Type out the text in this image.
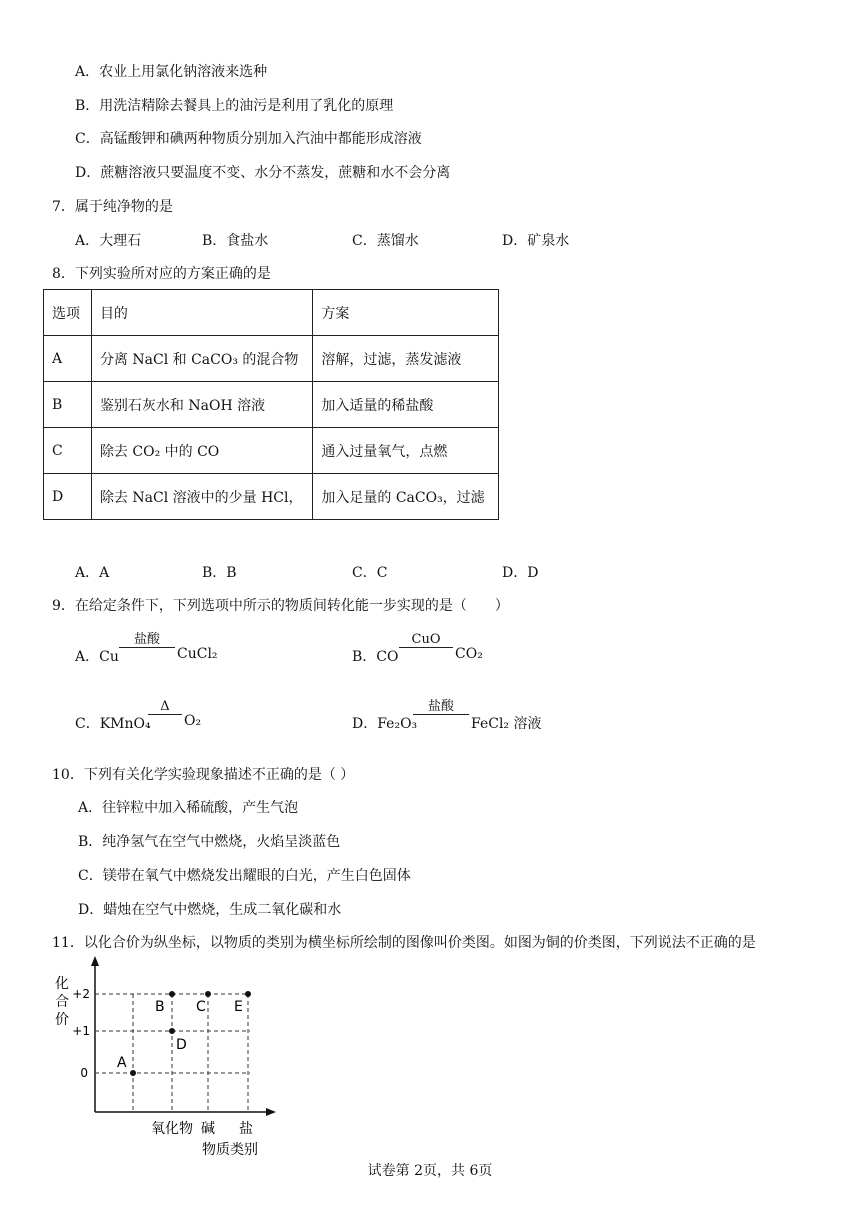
A．农业上用氯化钠溶液来选种
B．用洗洁精除去餐具上的油污是利用了乳化的原理
C．高锰酸钾和碘两种物质分别加入汽油中都能形成溶液
D．蔗糖溶液只要温度不变、水分不蒸发，蔗糖和水不会分离
7．属于纯净物的是
A．大理石	B．食盐水	C．蒸馏水	D．矿泉水
8．下列实验所对应的方案正确的是
选项	目的	方案
A	分离 NaCl 和 CaCO₃ 的混合物	溶解，过滤，蒸发滤液
B	鉴别石灰水和 NaOH 溶液	加入适量的稀盐酸
C	除去 CO₂ 中的 CO	通入过量氧气，点燃
D	除去 NaCl 溶液中的少量 HCl，	加入足量的 CaCO₃，过滤
A．A	B．B	C．C	D．D
9．在给定条件下，下列选项中所示的物质间转化能一步实现的是（　　）
A．Cu
盐酸
CuCl₂	B．CO
CuO
CO₂
C．KMnO₄
Δ
O₂	D．Fe₂O₃
盐酸
FeCl₂ 溶液
10．下列有关化学实验现象描述不正确的是（ ）
A．往锌粒中加入稀硫酸，产生气泡
B．纯净氢气在空气中燃烧，火焰呈淡蓝色
C．镁带在氧气中燃烧发出耀眼的白光，产生白色固体
D．蜡烛在空气中燃烧，生成二氧化碳和水
11．以化合价为纵坐标，以物质的类别为横坐标所绘制的图像叫价类图。如图为铜的价类图，下列说法不正确的是
化
合
价
+2
+1
0
A
B C
D
E
氧化物 碱 盐
物质类别
试卷第 2页，共 6页
